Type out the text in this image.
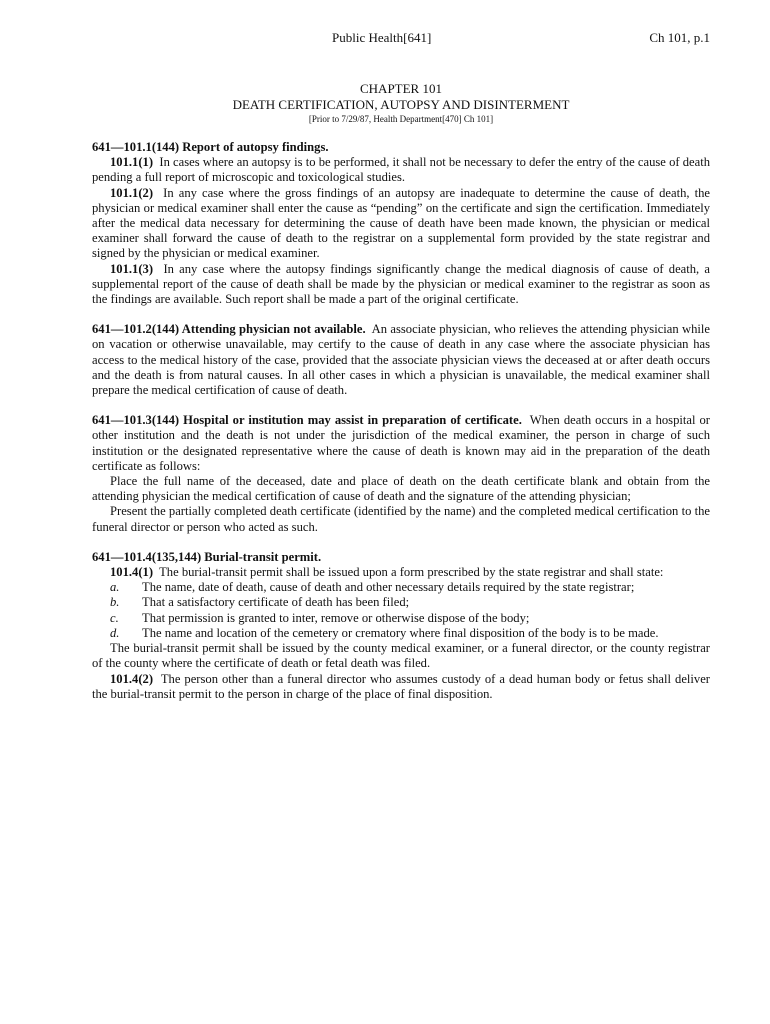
Public Health[641]	Ch 101, p.1
CHAPTER 101
DEATH CERTIFICATION, AUTOPSY AND DISINTERMENT
[Prior to 7/29/87, Health Department[470] Ch 101]

641—101.1(144) Report of autopsy findings.

101.1(1) In cases where an autopsy is to be performed, it shall not be necessary to defer the entry of the cause of death pending a full report of microscopic and toxicological studies.

101.1(2) In any case where the gross findings of an autopsy are inadequate to determine the cause of death, the physician or medical examiner shall enter the cause as “pending” on the certificate and sign the certification. Immediately after the medical data necessary for determining the cause of death have been made known, the physician or medical examiner shall forward the cause of death to the registrar on a supplemental form provided by the state registrar and signed by the physician or medical examiner.

101.1(3) In any case where the autopsy findings significantly change the medical diagnosis of cause of death, a supplemental report of the cause of death shall be made by the physician or medical examiner to the registrar as soon as the findings are available. Such report shall be made a part of the original certificate.

641—101.2(144) Attending physician not available. An associate physician, who relieves the attending physician while on vacation or otherwise unavailable, may certify to the cause of death in any case where the associate physician has access to the medical history of the case, provided that the associate physician views the deceased at or after death occurs and the death is from natural causes. In all other cases in which a physician is unavailable, the medical examiner shall prepare the medical certification of cause of death.

641—101.3(144) Hospital or institution may assist in preparation of certificate. When death occurs in a hospital or other institution and the death is not under the jurisdiction of the medical examiner, the person in charge of such institution or the designated representative where the cause of death is known may aid in the preparation of the death certificate as follows:

Place the full name of the deceased, date and place of death on the death certificate blank and obtain from the attending physician the medical certification of cause of death and the signature of the attending physician;

Present the partially completed death certificate (identified by the name) and the completed medical certification to the funeral director or person who acted as such.

641—101.4(135,144) Burial-transit permit.

101.4(1) The burial-transit permit shall be issued upon a form prescribed by the state registrar and shall state:

a. The name, date of death, cause of death and other necessary details required by the state registrar;

b. That a satisfactory certificate of death has been filed;

c. That permission is granted to inter, remove or otherwise dispose of the body;

d. The name and location of the cemetery or crematory where final disposition of the body is to be made.

The burial-transit permit shall be issued by the county medical examiner, or a funeral director, or the county registrar of the county where the certificate of death or fetal death was filed.

101.4(2) The person other than a funeral director who assumes custody of a dead human body or fetus shall deliver the burial-transit permit to the person in charge of the place of final disposition.
